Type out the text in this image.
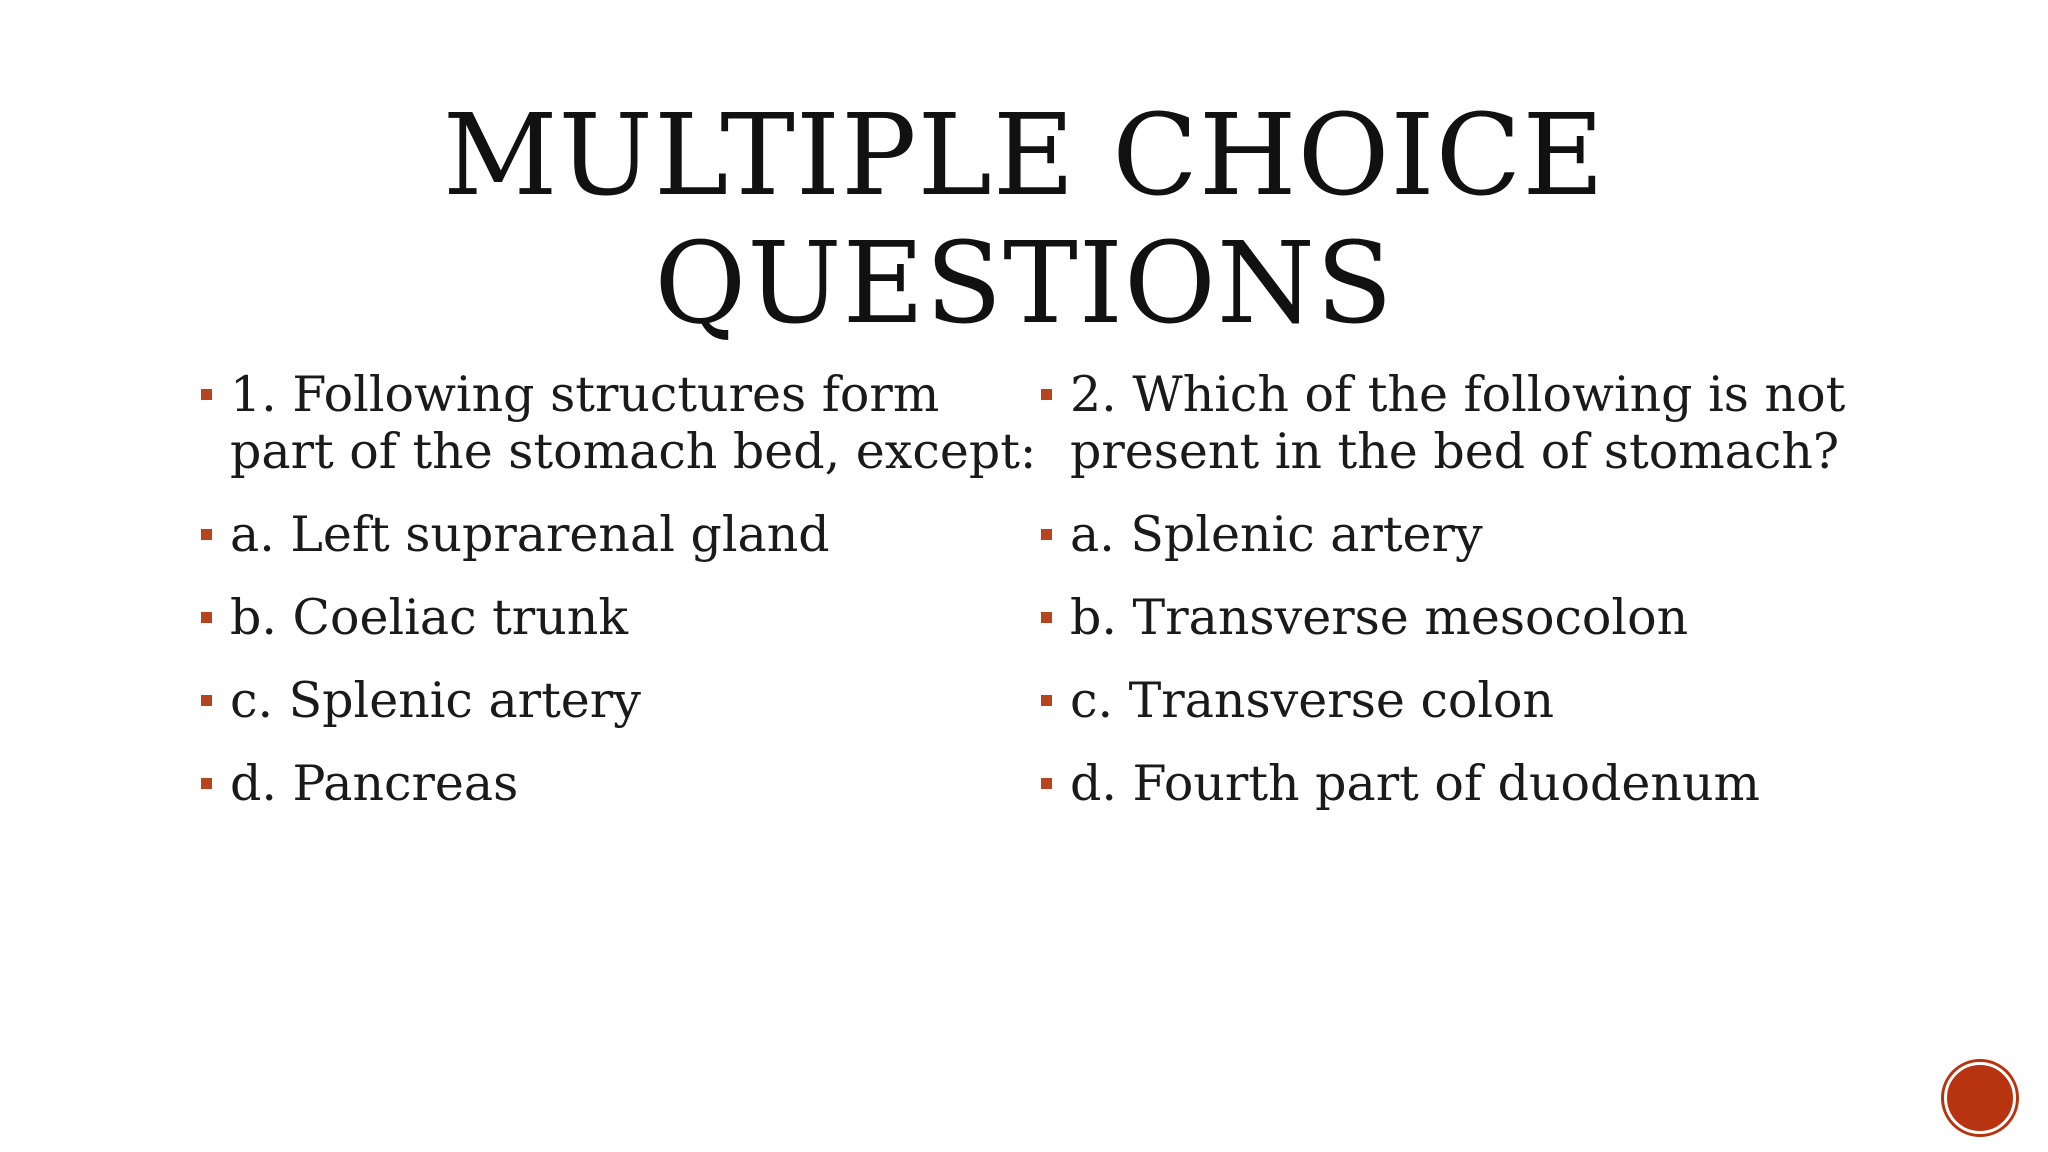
MULTIPLE CHOICE
QUESTIONS
1. Following structures form part of the stomach bed, except:
a. Left suprarenal gland
b. Coeliac trunk
c. Splenic artery
d. Pancreas
2. Which of the following is not present in the bed of stomach?
a. Splenic artery
b. Transverse mesocolon
c. Transverse colon
d. Fourth part of duodenum
